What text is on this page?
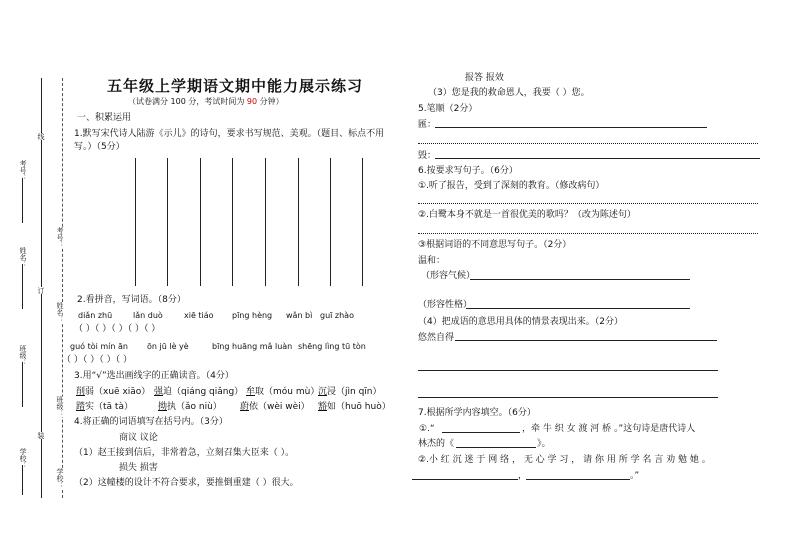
考号：
姓名：
班级：
学校：
线
订
装
考号：
姓名：
班级：
学校：
五年级上学期语文期中能力展示练习
（试卷满分 100 分，考试时间为 90 分钟）
一、积累运用
1.默写宋代诗人陆游《示儿》的诗句，要求书写规范、美观。（题目、标点不用
写。）（5分）
2.看拼音，写词语。（8分）
diǎn zhū	lǎn duò	xiē tiáo pīng hèng wǎn bì guī zhào
（ ）（ ）（ ）（ ）（ ）
guó tòi mín ān ōn jū lè yè	bīng huāng mǎ luàn shēng lìng tū tòn
（ ）（ ）（ ）（ ）
3.用“√”选出画线字的正确读音。（4分）
削弱（xuē xiāo） 强迫（qiáng qiǎng） 牟取（móu mù）
沉浸（jìn qīn）
踏实（tā tà）	拗执（ǎo niù） 蔚依（wèi wèi） 豁如（huō huò）
4.将正确的词语填写在括号内。（3分）
商议 议论
（1）赵王接到信后，非常着急，立刻召集大臣来（ ）。
损失 损害
（2）这幢楼的设计不符合要求，要推倒重建（ ）很大。
报答 报效
（3）您是我的救命恩人，我要（ ）您。
5.笔顺（2分）
匯：
毁：
6.按要求写句子。（6分）
①.听了报告，受到了深刻的教育。（修改病句）
②.白鹭本身不就是一首很优美的歌吗？（改为陈述句）
③根据词语的不同意思写句子。（2分）
温和：
（形容气候）
（形容性格）
（4）把成语的意思用具体的情景表现出来。（2分）
悠然自得
7.根据所学内容填空。（6分）
①.“	，牵 牛 织 女 渡 河 桥 。”这句诗是唐代诗人
林杰的《	》。
②.小 红 沉 迷 于 网 络 ， 无 心 学 习 ， 请 你 用 所 学 名 言 劝 勉 她 。
，	。”
